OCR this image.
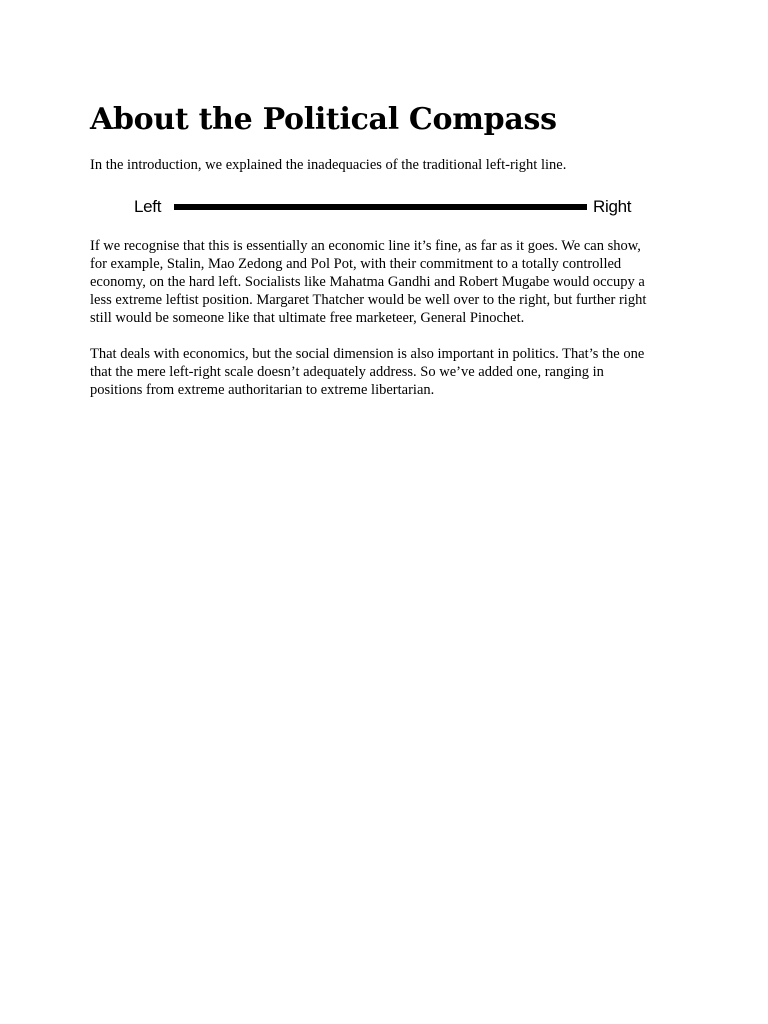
About the Political Compass

In the introduction, we explained the inadequacies of the traditional left-right line.

Left	Right

If we recognise that this is essentially an economic line it’s fine, as far as it goes. We can show,
for example, Stalin, Mao Zedong and Pol Pot, with their commitment to a totally controlled
economy, on the hard left. Socialists like Mahatma Gandhi and Robert Mugabe would occupy a
less extreme leftist position. Margaret Thatcher would be well over to the right, but further right
still would be someone like that ultimate free marketeer, General Pinochet.

That deals with economics, but the social dimension is also important in politics. That’s the one
that the mere left-right scale doesn’t adequately address. So we’ve added one, ranging in
positions from extreme authoritarian to extreme libertarian.
